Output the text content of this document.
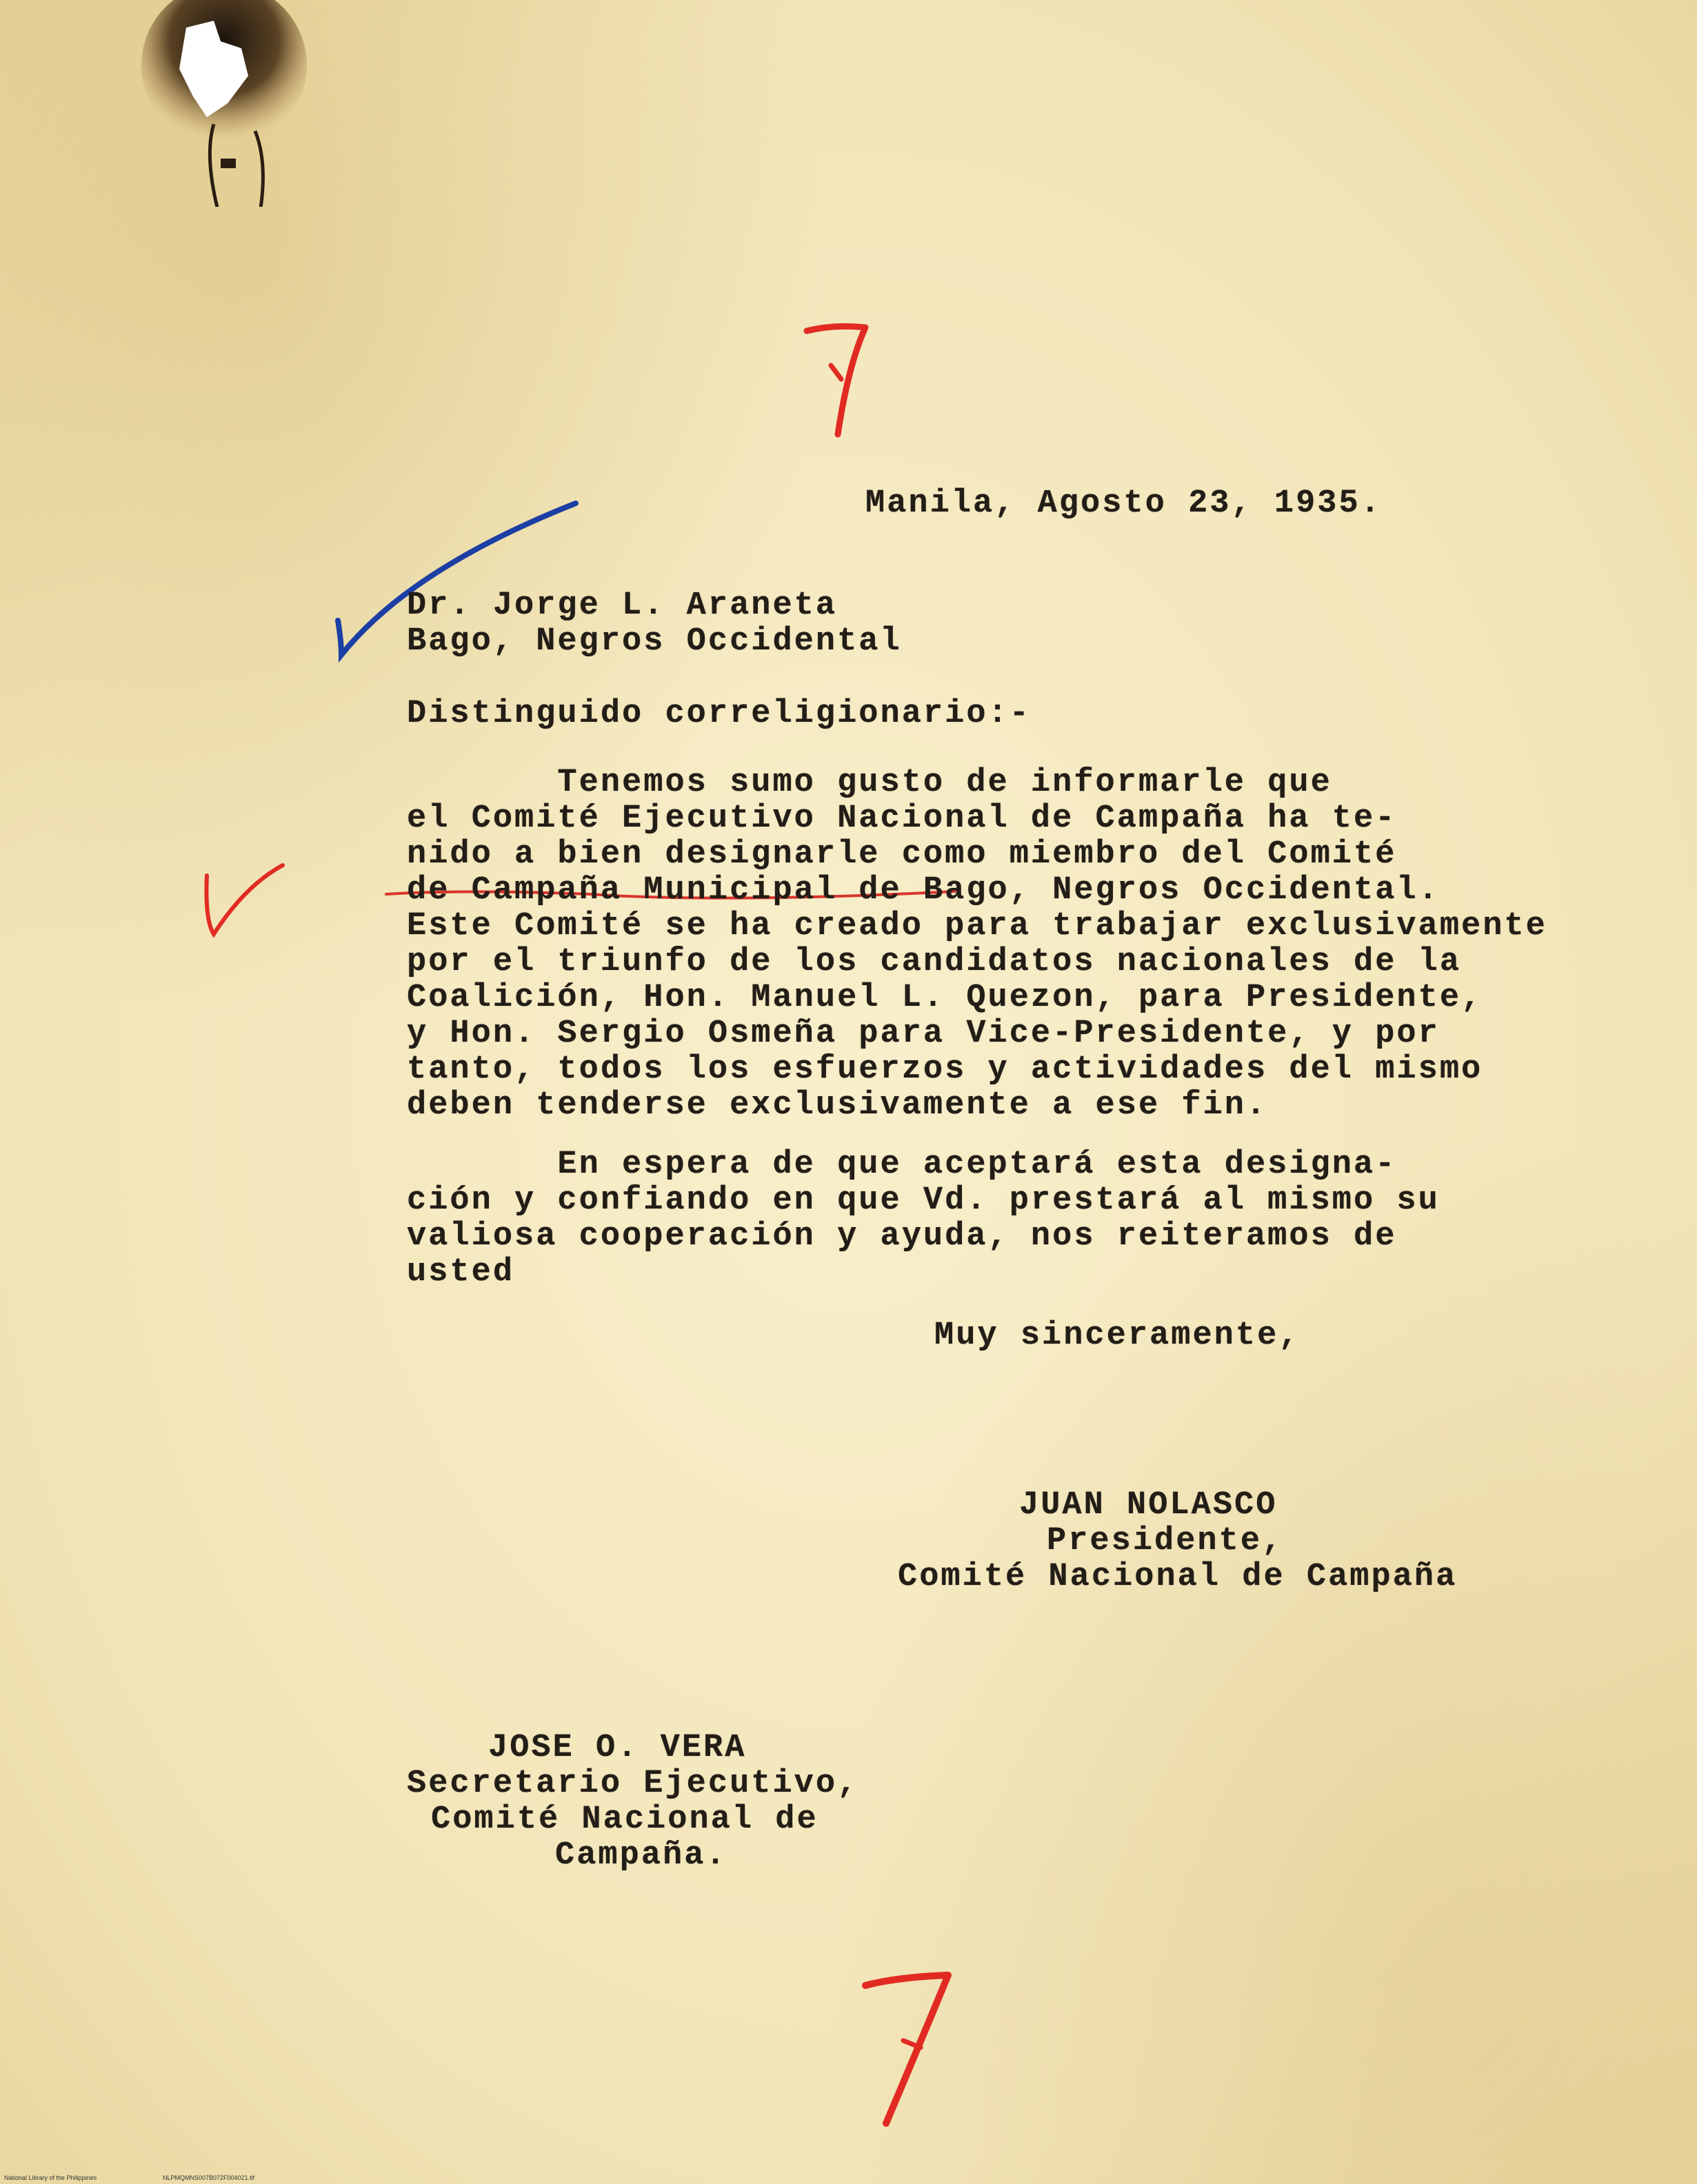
Manila, Agosto 23, 1935.
Dr. Jorge L. Araneta
Bago, Negros Occidental
Distinguido correligionario:-
Tenemos sumo gusto de informarle que
el Comité Ejecutivo Nacional de Campaña ha te-
nido a bien designarle como miembro del Comité
de Campaña Municipal de Bago, Negros Occidental.
Este Comité se ha creado para trabajar exclusivamente
por el triunfo de los candidatos nacionales de la
Coalición, Hon. Manuel L. Quezon, para Presidente,
y Hon. Sergio Osmeña para Vice-Presidente, y por
tanto, todos los esfuerzos y actividades del mismo
deben tenderse exclusivamente a ese fin.
En espera de que aceptará esta designa-
ción y confiando en que Vd. prestará al mismo su
valiosa cooperación y ayuda, nos reiteramos de
usted
Muy sinceramente,
JUAN NOLASCO
Presidente,
Comité Nacional de Campaña
JOSE O. VERA
Secretario Ejecutivo,
Comité Nacional de
Campaña.
National Library of the Philippines	NLPMQMNS007B072F004021.tif
